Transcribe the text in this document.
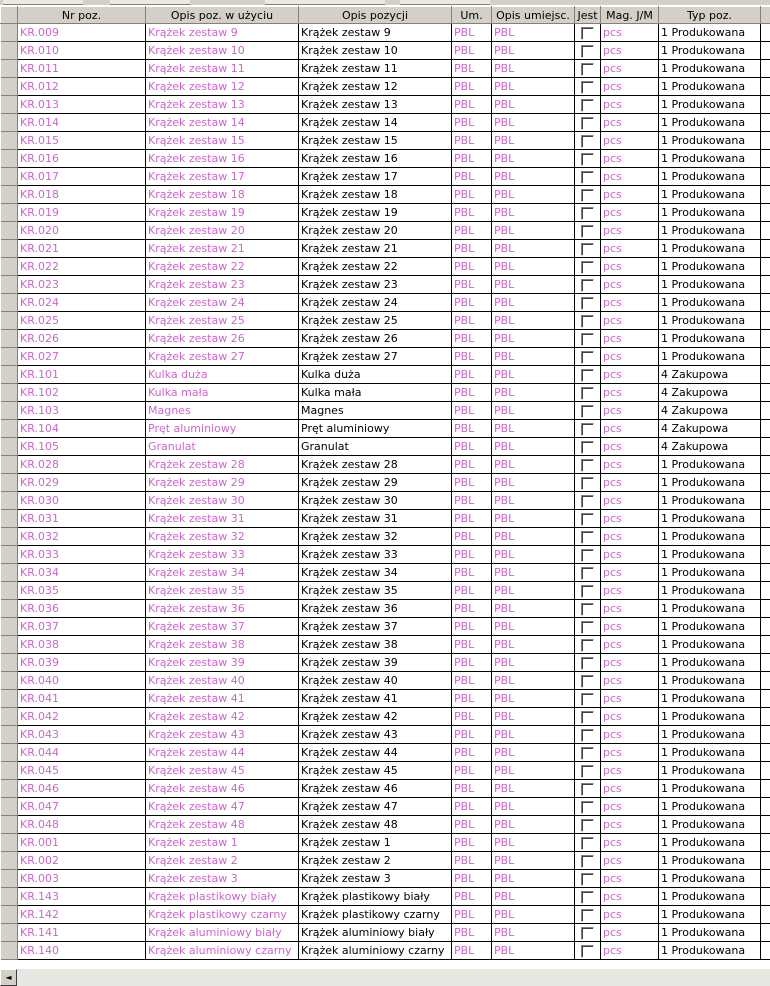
	Nr poz.	Opis poz. w użyciu	Opis pozycji	Um.	Opis umiejsc.	Jest	Mag. J/M	Typ poz.	
	KR.009	Krążek zestaw 9	Krążek zestaw 9	PBL	PBL		pcs	1 Produkowana	
	KR.010	Krążek zestaw 10	Krążek zestaw 10	PBL	PBL		pcs	1 Produkowana	
	KR.011	Krążek zestaw 11	Krążek zestaw 11	PBL	PBL		pcs	1 Produkowana	
	KR.012	Krążek zestaw 12	Krążek zestaw 12	PBL	PBL		pcs	1 Produkowana	
	KR.013	Krążek zestaw 13	Krążek zestaw 13	PBL	PBL		pcs	1 Produkowana	
	KR.014	Krążek zestaw 14	Krążek zestaw 14	PBL	PBL		pcs	1 Produkowana	
	KR.015	Krążek zestaw 15	Krążek zestaw 15	PBL	PBL		pcs	1 Produkowana	
	KR.016	Krążek zestaw 16	Krążek zestaw 16	PBL	PBL		pcs	1 Produkowana	
	KR.017	Krążek zestaw 17	Krążek zestaw 17	PBL	PBL		pcs	1 Produkowana	
	KR.018	Krążek zestaw 18	Krążek zestaw 18	PBL	PBL		pcs	1 Produkowana	
	KR.019	Krążek zestaw 19	Krążek zestaw 19	PBL	PBL		pcs	1 Produkowana	
	KR.020	Krążek zestaw 20	Krążek zestaw 20	PBL	PBL		pcs	1 Produkowana	
	KR.021	Krążek zestaw 21	Krążek zestaw 21	PBL	PBL		pcs	1 Produkowana	
	KR.022	Krążek zestaw 22	Krążek zestaw 22	PBL	PBL		pcs	1 Produkowana	
	KR.023	Krążek zestaw 23	Krążek zestaw 23	PBL	PBL		pcs	1 Produkowana	
	KR.024	Krążek zestaw 24	Krążek zestaw 24	PBL	PBL		pcs	1 Produkowana	
	KR.025	Krążek zestaw 25	Krążek zestaw 25	PBL	PBL		pcs	1 Produkowana	
	KR.026	Krążek zestaw 26	Krążek zestaw 26	PBL	PBL		pcs	1 Produkowana	
	KR.027	Krążek zestaw 27	Krążek zestaw 27	PBL	PBL		pcs	1 Produkowana	
	KR.101	Kulka duża	Kulka duża	PBL	PBL		pcs	4 Zakupowa	
	KR.102	Kulka mała	Kulka mała	PBL	PBL		pcs	4 Zakupowa	
	KR.103	Magnes	Magnes	PBL	PBL		pcs	4 Zakupowa	
	KR.104	Pręt aluminiowy	Pręt aluminiowy	PBL	PBL		pcs	4 Zakupowa	
	KR.105	Granulat	Granulat	PBL	PBL		pcs	4 Zakupowa	
	KR.028	Krążek zestaw 28	Krążek zestaw 28	PBL	PBL		pcs	1 Produkowana	
	KR.029	Krążek zestaw 29	Krążek zestaw 29	PBL	PBL		pcs	1 Produkowana	
	KR.030	Krążek zestaw 30	Krążek zestaw 30	PBL	PBL		pcs	1 Produkowana	
	KR.031	Krążek zestaw 31	Krążek zestaw 31	PBL	PBL		pcs	1 Produkowana	
	KR.032	Krążek zestaw 32	Krążek zestaw 32	PBL	PBL		pcs	1 Produkowana	
	KR.033	Krążek zestaw 33	Krążek zestaw 33	PBL	PBL		pcs	1 Produkowana	
	KR.034	Krążek zestaw 34	Krążek zestaw 34	PBL	PBL		pcs	1 Produkowana	
	KR.035	Krążek zestaw 35	Krążek zestaw 35	PBL	PBL		pcs	1 Produkowana	
	KR.036	Krążek zestaw 36	Krążek zestaw 36	PBL	PBL		pcs	1 Produkowana	
	KR.037	Krążek zestaw 37	Krążek zestaw 37	PBL	PBL		pcs	1 Produkowana	
	KR.038	Krążek zestaw 38	Krążek zestaw 38	PBL	PBL		pcs	1 Produkowana	
	KR.039	Krążek zestaw 39	Krążek zestaw 39	PBL	PBL		pcs	1 Produkowana	
	KR.040	Krążek zestaw 40	Krążek zestaw 40	PBL	PBL		pcs	1 Produkowana	
	KR.041	Krążek zestaw 41	Krążek zestaw 41	PBL	PBL		pcs	1 Produkowana	
	KR.042	Krążek zestaw 42	Krążek zestaw 42	PBL	PBL		pcs	1 Produkowana	
	KR.043	Krążek zestaw 43	Krążek zestaw 43	PBL	PBL		pcs	1 Produkowana	
	KR.044	Krążek zestaw 44	Krążek zestaw 44	PBL	PBL		pcs	1 Produkowana	
	KR.045	Krążek zestaw 45	Krążek zestaw 45	PBL	PBL		pcs	1 Produkowana	
	KR.046	Krążek zestaw 46	Krążek zestaw 46	PBL	PBL		pcs	1 Produkowana	
	KR.047	Krążek zestaw 47	Krążek zestaw 47	PBL	PBL		pcs	1 Produkowana	
	KR.048	Krążek zestaw 48	Krążek zestaw 48	PBL	PBL		pcs	1 Produkowana	
	KR.001	Krążek zestaw 1	Krążek zestaw 1	PBL	PBL		pcs	1 Produkowana	
	KR.002	Krążek zestaw 2	Krążek zestaw 2	PBL	PBL		pcs	1 Produkowana	
	KR.003	Krążek zestaw 3	Krążek zestaw 3	PBL	PBL		pcs	1 Produkowana	
	KR.143	Krążek plastikowy biały	Krążek plastikowy biały	PBL	PBL		pcs	1 Produkowana	
	KR.142	Krążek plastikowy czarny	Krążek plastikowy czarny	PBL	PBL		pcs	1 Produkowana	
	KR.141	Krążek aluminiowy biały	Krążek aluminiowy biały	PBL	PBL		pcs	1 Produkowana	
	KR.140	Krążek aluminiowy czarny	Krążek aluminiowy czarny	PBL	PBL		pcs	1 Produkowana	
◄
